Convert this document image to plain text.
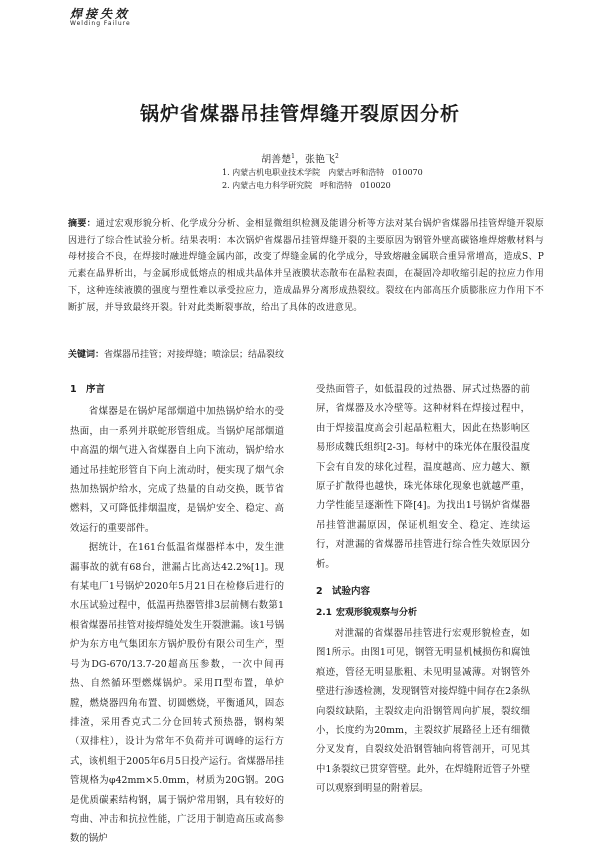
焊接失效
Welding Failure
锅炉省煤器吊挂管焊缝开裂原因分析
胡善楚$^1$，张艳飞$^2$
1. 内蒙古机电职业技术学院　内蒙古呼和浩特　010070
2. 内蒙古电力科学研究院　呼和浩特　010020
摘要：通过宏观形貌分析、化学成分分析、金相显微组织检测及能谱分析等方法对某台锅炉省煤器吊挂管焊缝开裂原因进行了综合性试验分析。结果表明：本次锅炉省煤器吊挂管焊缝开裂的主要原因为钢管外壁高碳铬堆焊熔敷材料与母材接合不良，在焊接时融进焊缝金属内部，改变了焊缝金属的化学成分，导致熔融金属联合重异常增高，造成S、P元素在晶界析出，与金属形成低熔点的相成共晶体并呈液膜状态散布在晶粒表面，在凝固冷却收缩引起的拉应力作用下，这种连续液膜的强度与塑性难以承受拉应力，造成晶界分离形成热裂纹。裂纹在内部高压介质膨胀应力作用下不断扩展，并导致最终开裂。针对此类断裂事故，给出了具体的改进意见。
关键词：省煤器吊挂管；对接焊缝；喷涂层；结晶裂纹
1 序言

省煤器是在锅炉尾部烟道中加热锅炉给水的受热面，由一系列并联蛇形管组成。当锅炉尾部烟道中高温的烟气进入省煤器自上向下流动，锅炉给水通过吊挂蛇形管自下向上流动时，便实现了烟气余热加热锅炉给水，完成了热量的自动交换，既节省燃料，又可降低排烟温度，是锅炉安全、稳定、高效运行的重要部件。

据统计，在161台低温省煤器样本中，发生泄漏事故的就有68台，泄漏占比高达42.2%[1]。现有某电厂1号锅炉2020年5月21日在检修后进行的水压试验过程中，低温再热器管排3层前侧右数第1根省煤器吊挂管对接焊缝处发生开裂泄漏。该1号锅炉为东方电气集团东方锅炉股份有限公司生产，型号为DG-670/13.7-20超高压参数，一次中间再热、自然循环型燃煤锅炉。采用Π型布置，单炉膛，燃烧器四角布置、切圆燃烧，平衡通风，固态排渣，采用香克式二分仓回转式预热器，钢构架（双排柱），设计为常年不负荷并可调峰的运行方式，该机组于2005年6月5日投产运行。省煤器吊挂管规格为φ42mm×5.0mm，材质为20G钢。20G是优质碳素结构钢，属于锅炉常用钢，具有较好的弯曲、冲击和抗拉性能，广泛用于制造高压或高参数的锅炉

受热面管子，如低温段的过热器、屏式过热器的前屏，省煤器及水冷壁等。这种材料在焊接过程中，由于焊接温度高会引起晶粒粗大，因此在热影响区易形成魏氏组织[2-3]。每材中的珠光体在服役温度下会有自发的球化过程，温度越高、应力越大、额原子扩散得也越快，珠光体球化现象也就越严重，力学性能呈逐渐性下降[4]。为找出1号锅炉省煤器吊挂管泄漏原因，保证机组安全、稳定、连续运行，对泄漏的省煤器吊挂管进行综合性失效原因分析。

2 试验内容
2.1 宏观形貌观察与分析

对泄漏的省煤器吊挂管进行宏观形貌检查，如图1所示。由图1可见，钢管无明显机械损伤和腐蚀痕迹，管径无明显胀粗、未见明显减薄。对钢管外壁进行渗透检测，发现钢管对接焊缝中间存在2条纵向裂纹缺陷，主裂纹走向沿钢管周向扩展，裂纹细小，长度约为20mm，主裂纹扩展路径上还有细微分叉发育，自裂纹处沿钢管轴向将管剖开，可见其中1条裂纹已贯穿管壁。此外，在焊缝附近管子外壁可以观察到明显的附着层。
